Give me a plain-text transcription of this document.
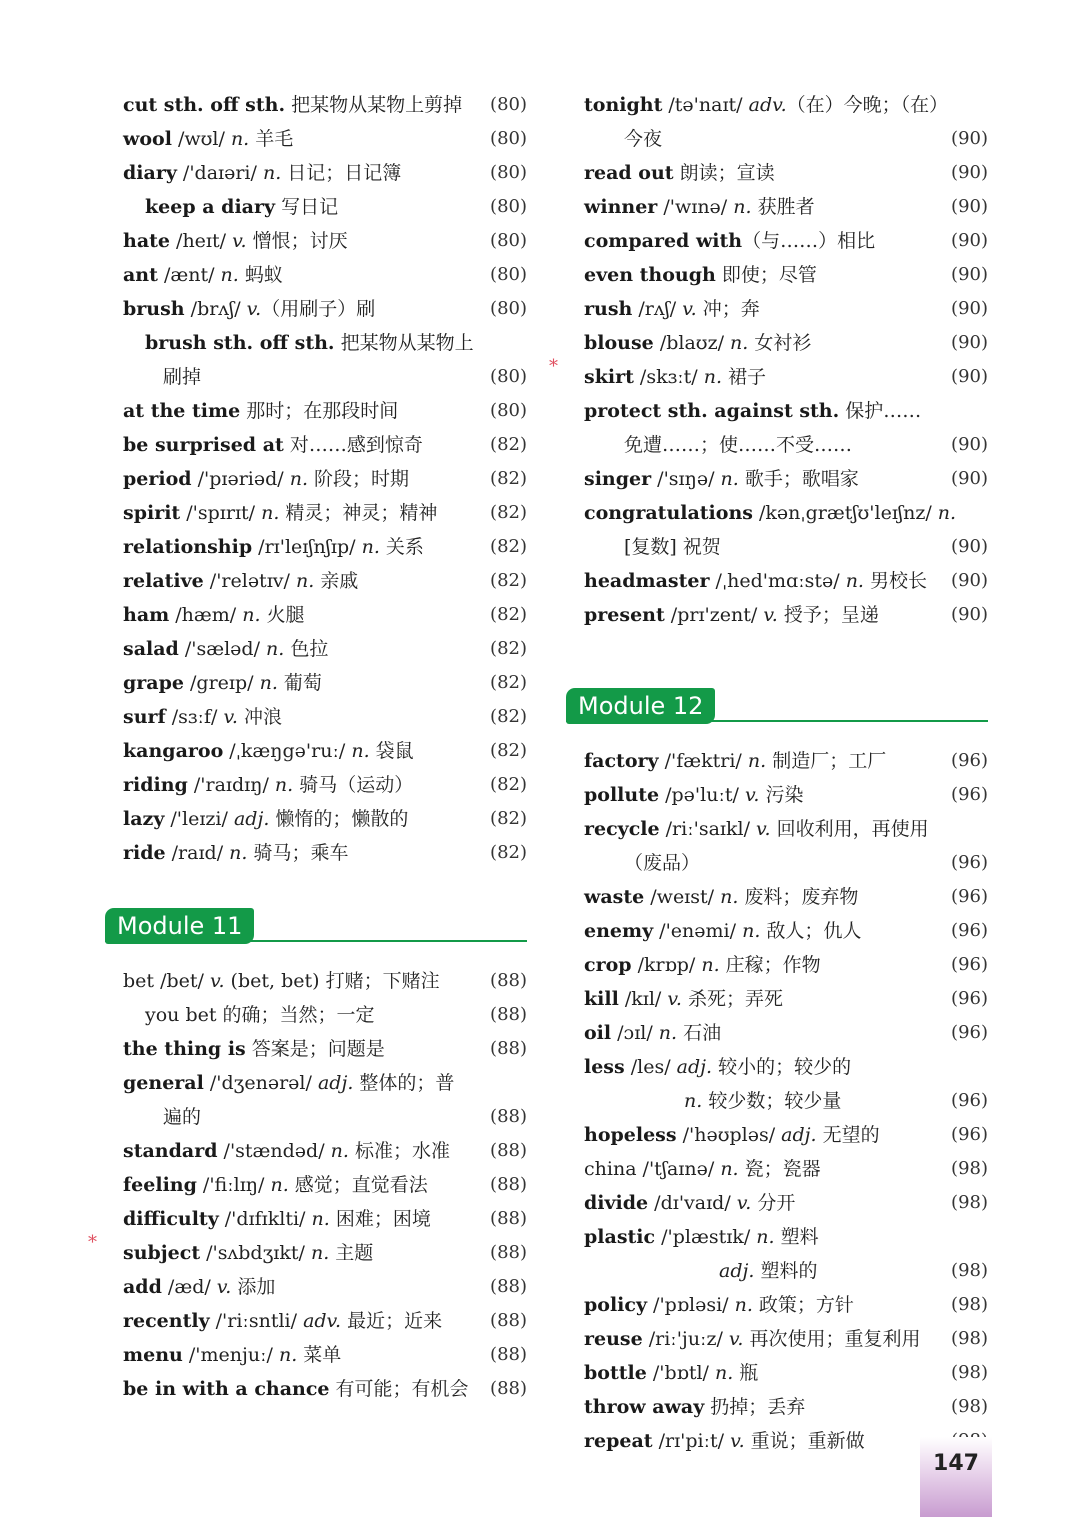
cut sth. off sth. 把某物从某物上剪掉 (80)
wool /wʊl/ n. 羊毛	(80)
diary /'daɪəri/ n. 日记；日记簿	(80)
keep a diary 写日记	(80)
hate /heɪt/ v. 憎恨；讨厌	(80)
ant /ænt/ n. 蚂蚁	(80)
brush /brʌʃ/ v.（用刷子）刷	(80)
brush sth. off sth. 把某物从某物上
刷掉	(80)
at the time 那时；在那段时间	(80)
be surprised at 对……感到惊奇	(82)
period /'pɪəriəd/ n. 阶段；时期	(82)
spirit /'spɪrɪt/ n. 精灵；神灵；精神	(82)
relationship /rɪ'leɪʃnʃɪp/ n. 关系	(82)
relative /'relətɪv/ n. 亲戚	(82)
ham /hæm/ n. 火腿	(82)
salad /'sæləd/ n. 色拉	(82)
grape /greɪp/ n. 葡萄	(82)
surf /sɜːf/ v. 冲浪	(82)
kangaroo /ˌkæŋgə'ruː/ n. 袋鼠	(82)
riding /'raɪdɪŋ/ n. 骑马（运动）	(82)
lazy /'leɪzi/ adj. 懒惰的；懒散的	(82)
ride /raɪd/ n. 骑马；乘车	(82)
Module 11
bet /bet/ v. (bet, bet) 打赌；下赌注	(88)
you bet 的确；当然；一定	(88)
the thing is 答案是；问题是	(88)
general /'dʒenərəl/ adj. 整体的；普
遍的	(88)
standard /'stændəd/ n. 标准；水准 (88)
feeling /'fiːlɪŋ/ n. 感觉；直觉看法	(88)
difficulty /'dɪfɪklti/ n. 困难；困境	(88)
*	subject /'sʌbdʒɪkt/ n. 主题	(88)
add /æd/ v. 添加	(88)
recently /'riːsntli/ adv. 最近；近来	(88)
menu /'menjuː/ n. 菜单	(88)
be in with a chance 有可能；有机会 (88)
tonight /tə'naɪt/ adv.（在）今晚；（在）
今夜	(90)
read out 朗读；宣读	(90)
winner /'wɪnə/ n. 获胜者	(90)
compared with（与……）相比	(90)
even though 即使；尽管	(90)
rush /rʌʃ/ v. 冲；奔	(90)
blouse /blaʊz/ n. 女衬衫	(90)
*	skirt /skɜːt/ n. 裙子	(90)
protect sth. against sth. 保护……
免遭……；使……不受……	(90)
singer /'sɪŋə/ n. 歌手；歌唱家	(90)
congratulations /kənˌgrætʃʊ'leɪʃnz/ n.
[复数] 祝贺	(90)
headmaster /ˌhed'mɑːstə/ n. 男校长 (90)
present /prɪ'zent/ v. 授予；呈递	(90)
Module 12
factory /'fæktri/ n. 制造厂；工厂	(96)
pollute /pə'luːt/ v. 污染	(96)
recycle /riː'saɪkl/ v. 回收利用，再使用
（废品）	(96)
waste /weɪst/ n. 废料；废弃物	(96)
enemy /'enəmi/ n. 敌人；仇人	(96)
crop /krɒp/ n. 庄稼；作物	(96)
kill /kɪl/ v. 杀死；弄死	(96)
oil /ɔɪl/ n. 石油	(96)
less /les/ adj. 较小的；较少的
n. 较少数；较少量	(96)
hopeless /'həʊpləs/ adj. 无望的	(96)
china /'tʃaɪnə/ n. 瓷；瓷器	(98)
divide /dɪ'vaɪd/ v. 分开	(98)
plastic /'plæstɪk/ n. 塑料
adj. 塑料的	(98)
policy /'pɒləsi/ n. 政策；方针	(98)
reuse /riː'juːz/ v. 再次使用；重复利用 (98)
bottle /'bɒtl/ n. 瓶	(98)
throw away 扔掉；丢弃	(98)
repeat /rɪ'piːt/ v. 重说；重新做
147
